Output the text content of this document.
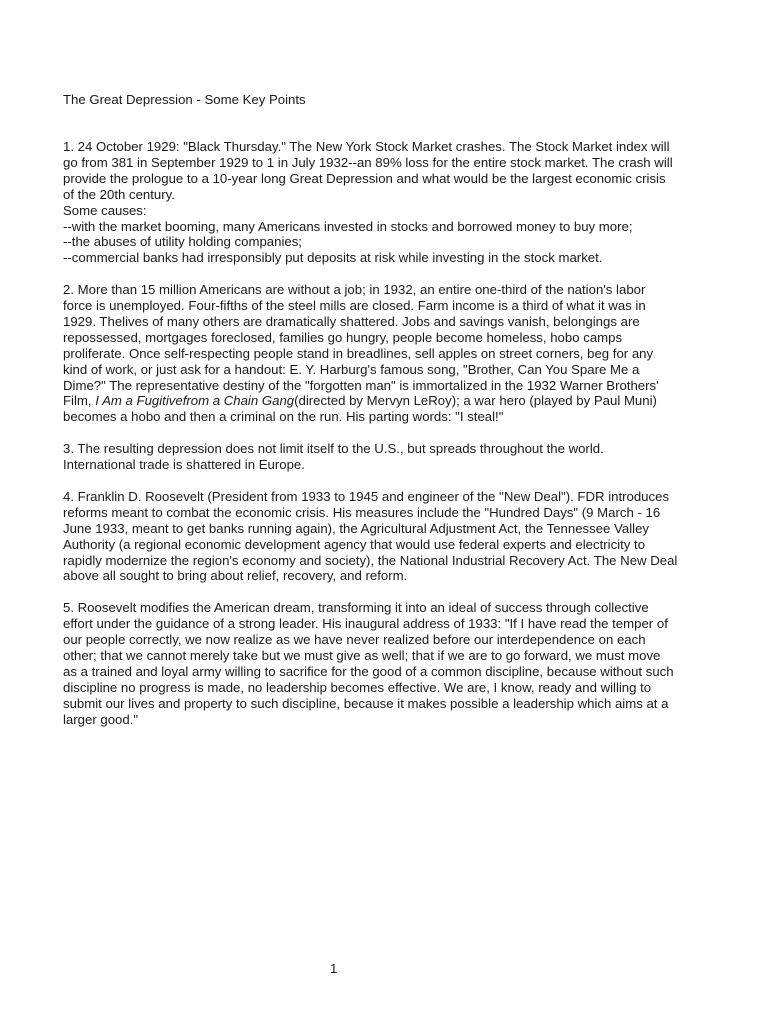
The Great Depression - Some Key Points

1. 24 October 1929: "Black Thursday." The New York Stock Market crashes. The Stock Market index will
go from 381 in September 1929 to 1 in July 1932--an 89% loss for the entire stock market. The crash will
provide the prologue to a 10-year long Great Depression and what would be the largest economic crisis
of the 20th century.
Some causes:
--with the market booming, many Americans invested in stocks and borrowed money to buy more;
--the abuses of utility holding companies;
--commercial banks had irresponsibly put deposits at risk while investing in the stock market.

2. More than 15 million Americans are without a job; in 1932, an entire one-third of the nation's labor
force is unemployed. Four-fifths of the steel mills are closed. Farm income is a third of what it was in
1929. Thelives of many others are dramatically shattered. Jobs and savings vanish, belongings are
repossessed, mortgages foreclosed, families go hungry, people become homeless, hobo camps
proliferate. Once self-respecting people stand in breadlines, sell apples on street corners, beg for any
kind of work, or just ask for a handout: E. Y. Harburg's famous song, "Brother, Can You Spare Me a
Dime?" The representative destiny of the "forgotten man" is immortalized in the 1932 Warner Brothers'
Film, I Am a Fugitivefrom a Chain Gang(directed by Mervyn LeRoy); a war hero (played by Paul Muni)
becomes a hobo and then a criminal on the run. His parting words: "I steal!"

3. The resulting depression does not limit itself to the U.S., but spreads throughout the world.
International trade is shattered in Europe.

4. Franklin D. Roosevelt (President from 1933 to 1945 and engineer of the "New Deal"). FDR introduces
reforms meant to combat the economic crisis. His measures include the "Hundred Days" (9 March - 16
June 1933, meant to get banks running again), the Agricultural Adjustment Act, the Tennessee Valley
Authority (a regional economic development agency that would use federal experts and electricity to
rapidly modernize the region's economy and society), the National Industrial Recovery Act. The New Deal
above all sought to bring about relief, recovery, and reform.

5. Roosevelt modifies the American dream, transforming it into an ideal of success through collective
effort under the guidance of a strong leader. His inaugural address of 1933: "If I have read the temper of
our people correctly, we now realize as we have never realized before our interdependence on each
other; that we cannot merely take but we must give as well; that if we are to go forward, we must move
as a trained and loyal army willing to sacrifice for the good of a common discipline, because without such
discipline no progress is made, no leadership becomes effective. We are, I know, ready and willing to
submit our lives and property to such discipline, because it makes possible a leadership which aims at a
larger good."

1
